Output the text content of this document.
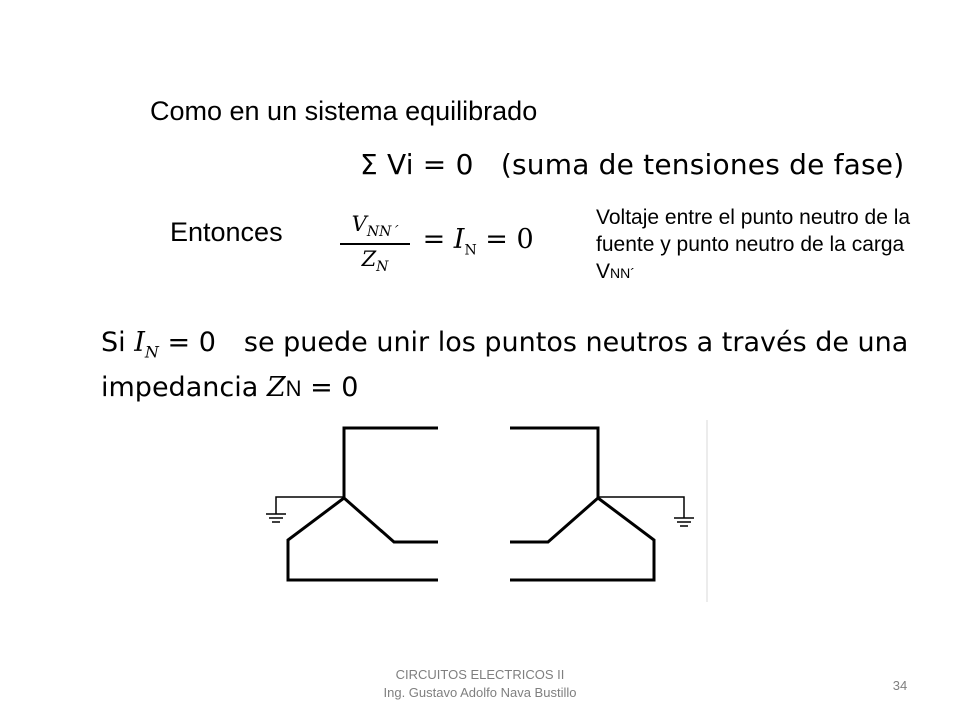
Como en un sistema equilibrado
Σ Vi = 0   (suma de tensiones de fase)
Entonces	$V_{NN´}$
$Z_N$
= $I_N = 0$
Voltaje entre el punto neutro de la fuente y punto neutro de la carga VNN´
Si $I_N = 0$ se puede unir los puntos neutros a través de una impedancia ZN = 0
CIRCUITOS ELECTRICOS II
Ing. Gustavo Adolfo Nava Bustillo	34
